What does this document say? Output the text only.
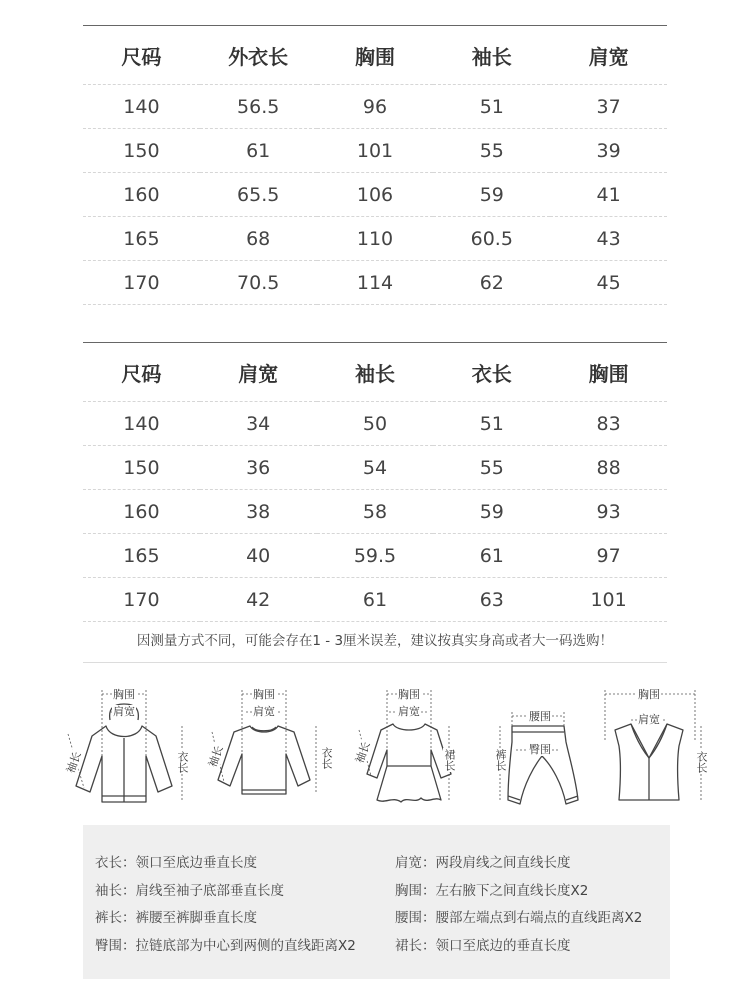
尺码	外衣长	胸围	袖长	肩宽
140	56.5	96	51	37
150	61	101	55	39
160	65.5	106	59	41
165	68	110	60.5	43
170	70.5	114	62	45
尺码	肩宽	袖长	衣长	胸围
140	34	50	51	83
150	36	54	55	88
160	38	58	59	93
165	40	59.5	61	97
170	42	61	63	101
因测量方式不同，可能会存在1 - 3厘米误差，建议按真实身高或者大一码选购！
胸围
肩宽
衣长
袖长
胸围
肩宽
衣长
袖长
胸围
肩宽
裙长
袖长
腰围
臀围
裤长
胸围
肩宽
衣长
衣长：领口至底边垂直长度	肩宽：两段肩线之间直线长度
袖长：肩线至袖子底部垂直长度	胸围：左右腋下之间直线长度X2
裤长：裤腰至裤脚垂直长度	腰围：腰部左端点到右端点的直线距离X2
臀围：拉链底部为中心到两侧的直线距离X2	裙长：领口至底边的垂直长度
